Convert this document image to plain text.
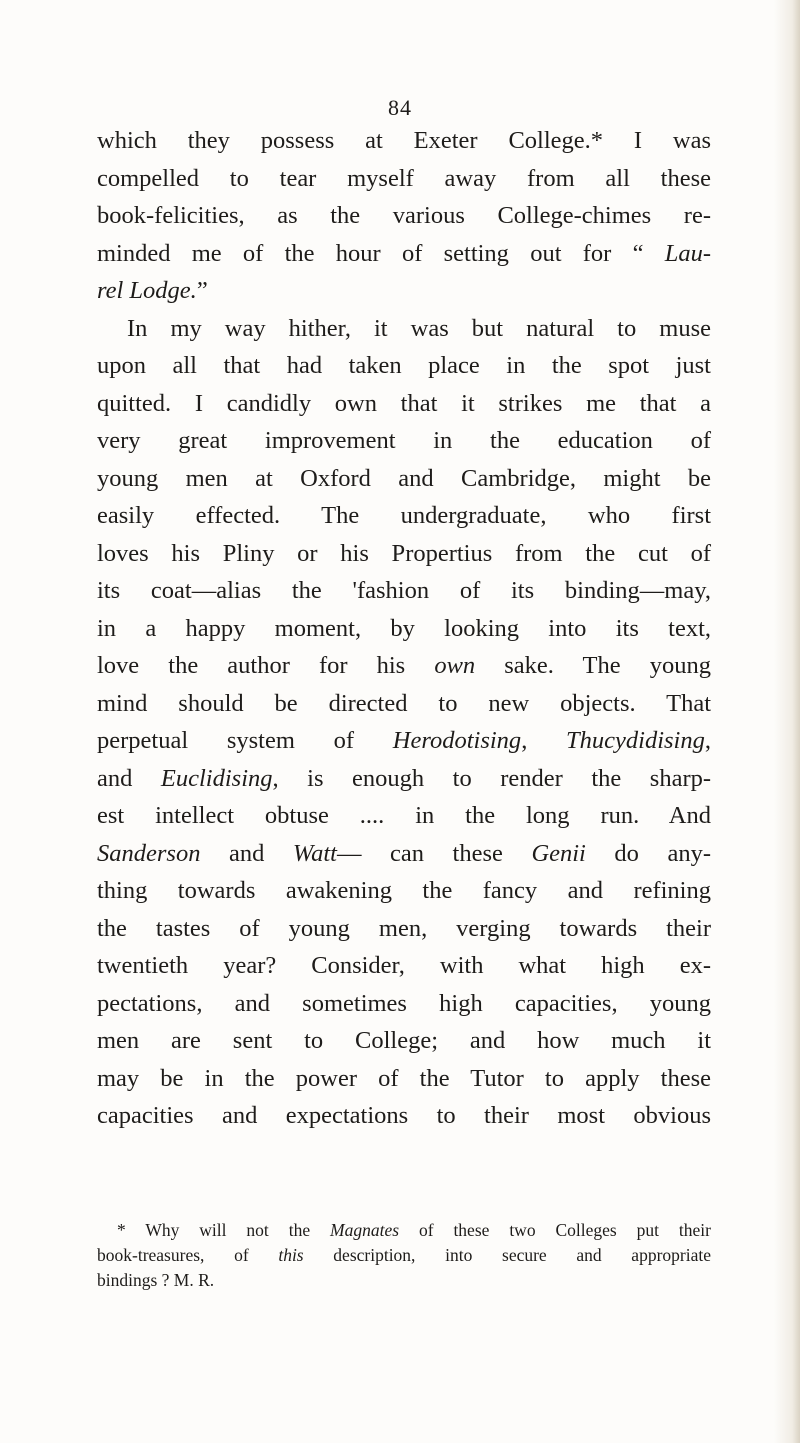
84
which they possess at Exeter College.* I was
compelled to tear myself away from all these
book-felicities, as the various College-chimes re-
minded me of the hour of setting out for “ Lau-
rel Lodge.”
In my way hither, it was but natural to muse
upon all that had taken place in the spot just
quitted. I candidly own that it strikes me that a
very great improvement in the education of
young men at Oxford and Cambridge, might be
easily effected. The undergraduate, who first
loves his Pliny or his Propertius from the cut of
its coat—alias the 'fashion of its binding—may,
in a happy moment, by looking into its text,
love the author for his own sake. The young
mind should be directed to new objects. That
perpetual system of Herodotising, Thucydidising,
and Euclidising, is enough to render the sharp-
est intellect obtuse .... in the long run. And
Sanderson and Watt— can these Genii do any-
thing towards awakening the fancy and refining
the tastes of young men, verging towards their
twentieth year? Consider, with what high ex-
pectations, and sometimes high capacities, young
men are sent to College; and how much it
may be in the power of the Tutor to apply these
capacities and expectations to their most obvious
* Why will not the Magnates of these two Colleges put their
book-treasures, of this description, into secure and appropriate
bindings ? M. R.
